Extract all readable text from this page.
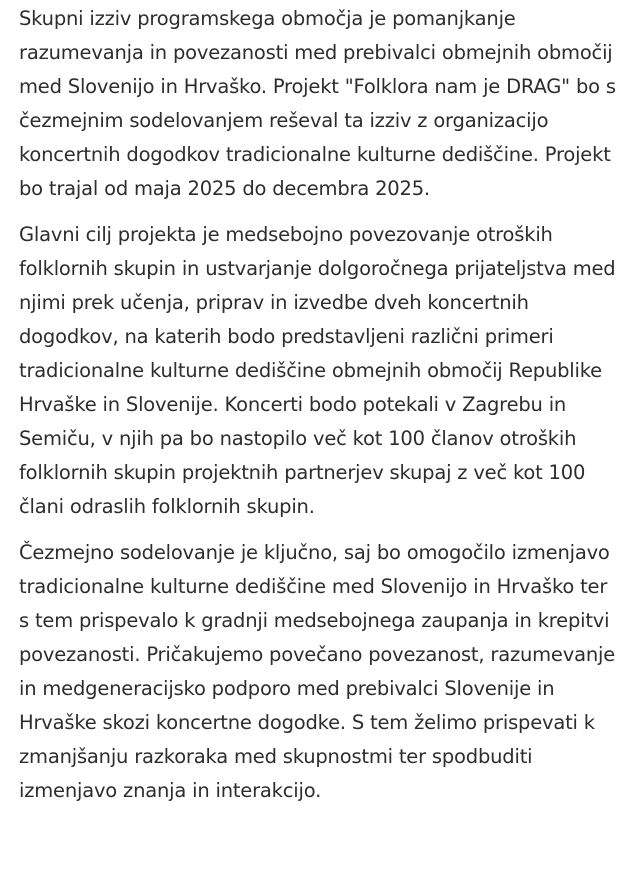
Skupni izziv programskega območja je pomanjkanje razumevanja in povezanosti med prebivalci obmejnih območij med Slovenijo in Hrvaško. Projekt "Folklora nam je DRAG" bo s čezmejnim sodelovanjem reševal ta izziv z organizacijo koncertnih dogodkov tradicionalne kulturne dediščine. Projekt bo trajal od maja 2025 do decembra 2025.

Glavni cilj projekta je medsebojno povezovanje otroških folklornih skupin in ustvarjanje dolgoročnega prijateljstva med njimi prek učenja, priprav in izvedbe dveh koncertnih dogodkov, na katerih bodo predstavljeni različni primeri tradicionalne kulturne dediščine obmejnih območij Republike Hrvaške in Slovenije. Koncerti bodo potekali v Zagrebu in Semiču, v njih pa bo nastopilo več kot 100 članov otroških folklornih skupin projektnih partnerjev skupaj z več kot 100 člani odraslih folklornih skupin.

Čezmejno sodelovanje je ključno, saj bo omogočilo izmenjavo tradicionalne kulturne dediščine med Slovenijo in Hrvaško ter s tem prispevalo k gradnji medsebojnega zaupanja in krepitvi povezanosti. Pričakujemo povečano povezanost, razumevanje in medgeneracijsko podporo med prebivalci Slovenije in Hrvaške skozi koncertne dogodke. S tem želimo prispevati k zmanjšanju razkoraka med skupnostmi ter spodbuditi izmenjavo znanja in interakcijo.
